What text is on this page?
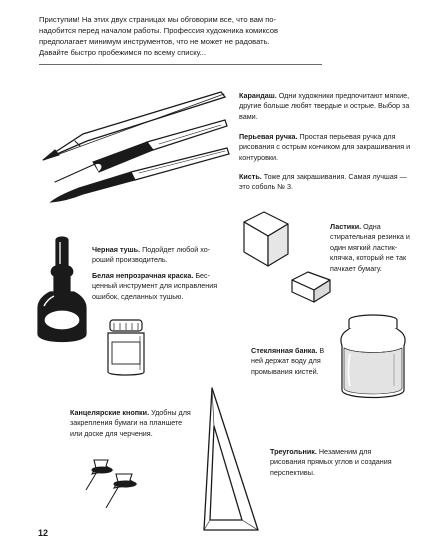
Приступим! На этих двух страницах мы обговорим все, что вам понадобится перед началом работы. Профессия художника комиксов предполагает минимум инструментов, что не может не радовать. Давайте быстро пробежимся по всему списку...

Карандаш. Одни художники предпочитают мягкие, другие больше любят твердые и острые. Выбор за вами.

Перьевая ручка. Простая перьевая ручка для рисования с острым кончиком для закрашивания и контуровки.

Кисть. Тоже для закрашивания. Самая лучшая — это соболь № 3.

Ластики. Одна стирательная резинка и один мягкий ластик-клячка, который не так пачкает бумагу.

Черная тушь. Подойдет любой хороший производитель.

Белая непрозрачная краска. Бесценный инструмент для исправления ошибок, сделанных тушью.

Стеклянная банка. В ней держат воду для промывания кистей.

Канцелярские кнопки. Удобны для закрепления бумаги на планшете или доске для черчения.

Треугольник. Незаменим для рисования прямых углов и создания перспективы.

12
